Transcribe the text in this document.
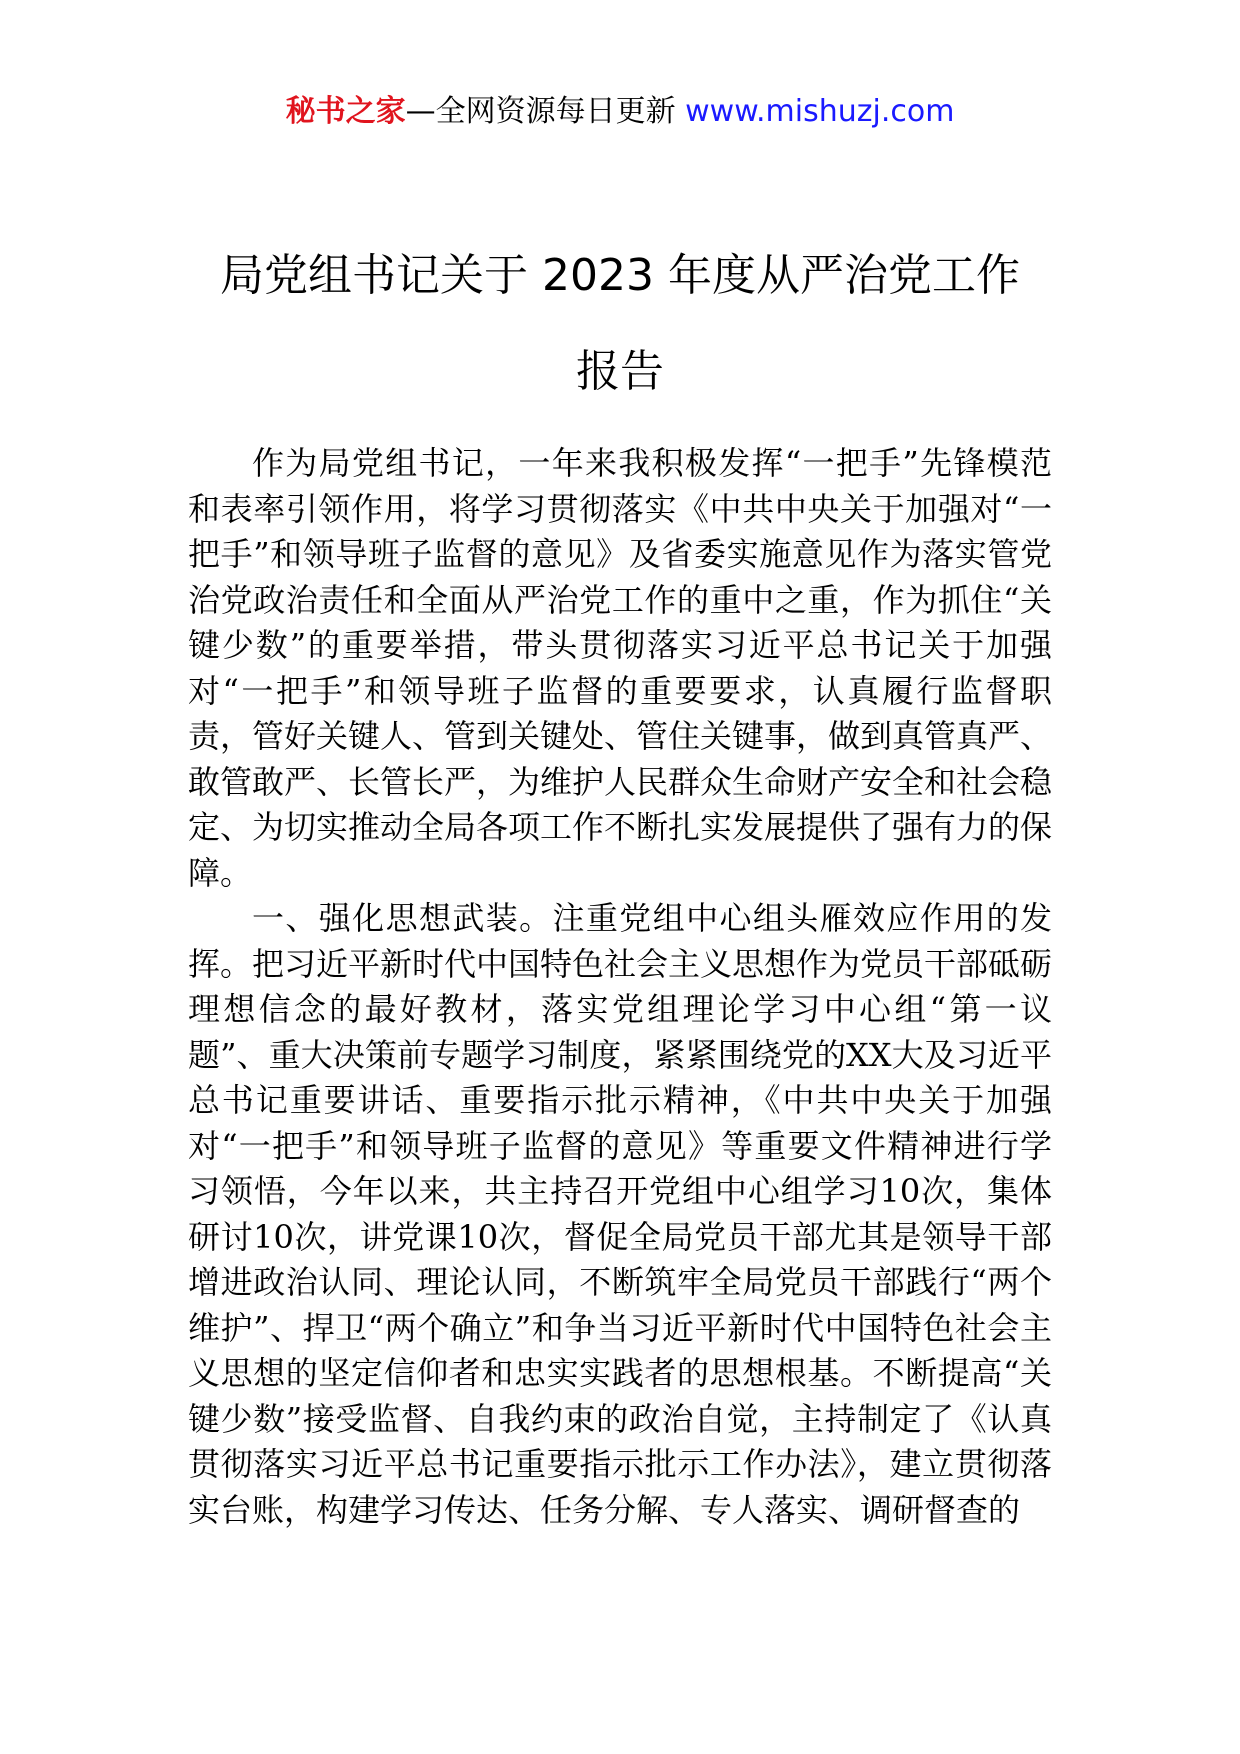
秘书之家—全网资源每日更新 www.mishuzj.com
局党组书记关于 2023 年度从严治党工作
报告

作为局党组书记，一年来我积极发挥“一把手”先锋模范和表率引领作用，将学习贯彻落实《中共中央关于加强对“一把手”和领导班子监督的意见》及省委实施意见作为落实管党治党政治责任和全面从严治党工作的重中之重，作为抓住“关键少数”的重要举措，带头贯彻落实习近平总书记关于加强对“一把手”和领导班子监督的重要要求，认真履行监督职责，管好关键人、管到关键处、管住关键事，做到真管真严、敢管敢严、长管长严，为维护人民群众生命财产安全和社会稳定、为切实推动全局各项工作不断扎实发展提供了强有力的保障。

一、强化思想武装。注重党组中心组头雁效应作用的发挥。把习近平新时代中国特色社会主义思想作为党员干部砥砺理想信念的最好教材，落实党组理论学习中心组“第一议题”、重大决策前专题学习制度，紧紧围绕党的XX大及习近平总书记重要讲话、重要指示批示精神，《中共中央关于加强对“一把手”和领导班子监督的意见》等重要文件精神进行学习领悟，今年以来，共主持召开党组中心组学习10次，集体研讨10次，讲党课10次，督促全局党员干部尤其是领导干部增进政治认同、理论认同，不断筑牢全局党员干部践行“两个维护”、捍卫“两个确立”和争当习近平新时代中国特色社会主义思想的坚定信仰者和忠实实践者的思想根基。不断提高“关键少数”接受监督、自我约束的政治自觉，主持制定了《认真贯彻落实习近平总书记重要指示批示工作办法》，建立贯彻落实台账，构建学习传达、任务分解、专人落实、调研督查的
